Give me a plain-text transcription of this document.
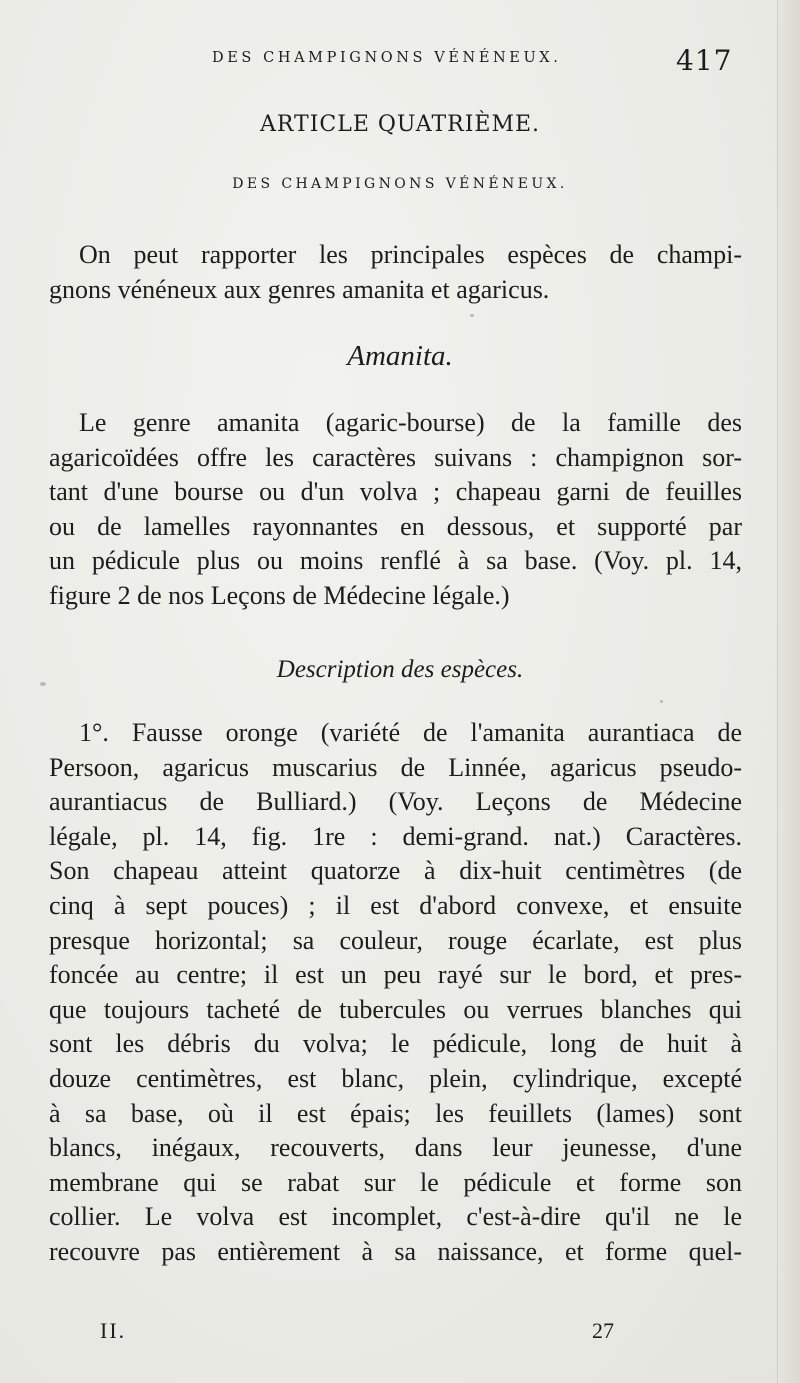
DES CHAMPIGNONS VÉNÉNEUX.	417
ARTICLE QUATRIÈME.
DES CHAMPIGNONS VÉNÉNEUX.
On peut rapporter les principales espèces de champi-
gnons vénéneux aux genres amanita et agaricus.
Amanita.
Le genre amanita (agaric-bourse) de la famille des
agaricoïdées offre les caractères suivans : champignon sor-
tant d'une bourse ou d'un volva ; chapeau garni de feuilles
ou de lamelles rayonnantes en dessous, et supporté par
un pédicule plus ou moins renflé à sa base. (Voy. pl. 14,
figure 2 de nos Leçons de Médecine légale.)
Description des espèces.
1°. Fausse oronge (variété de l'amanita aurantiaca de
Persoon, agaricus muscarius de Linnée, agaricus pseudo-
aurantiacus de Bulliard.) (Voy. Leçons de Médecine
légale, pl. 14, fig. 1re : demi-grand. nat.) Caractères.
Son chapeau atteint quatorze à dix-huit centimètres (de
cinq à sept pouces) ; il est d'abord convexe, et ensuite
presque horizontal; sa couleur, rouge écarlate, est plus
foncée au centre; il est un peu rayé sur le bord, et pres-
que toujours tacheté de tubercules ou verrues blanches qui
sont les débris du volva; le pédicule, long de huit à
douze centimètres, est blanc, plein, cylindrique, excepté
à sa base, où il est épais; les feuillets (lames) sont
blancs, inégaux, recouverts, dans leur jeunesse, d'une
membrane qui se rabat sur le pédicule et forme son
collier. Le volva est incomplet, c'est-à-dire qu'il ne le
recouvre pas entièrement à sa naissance, et forme quel-
II.	27
